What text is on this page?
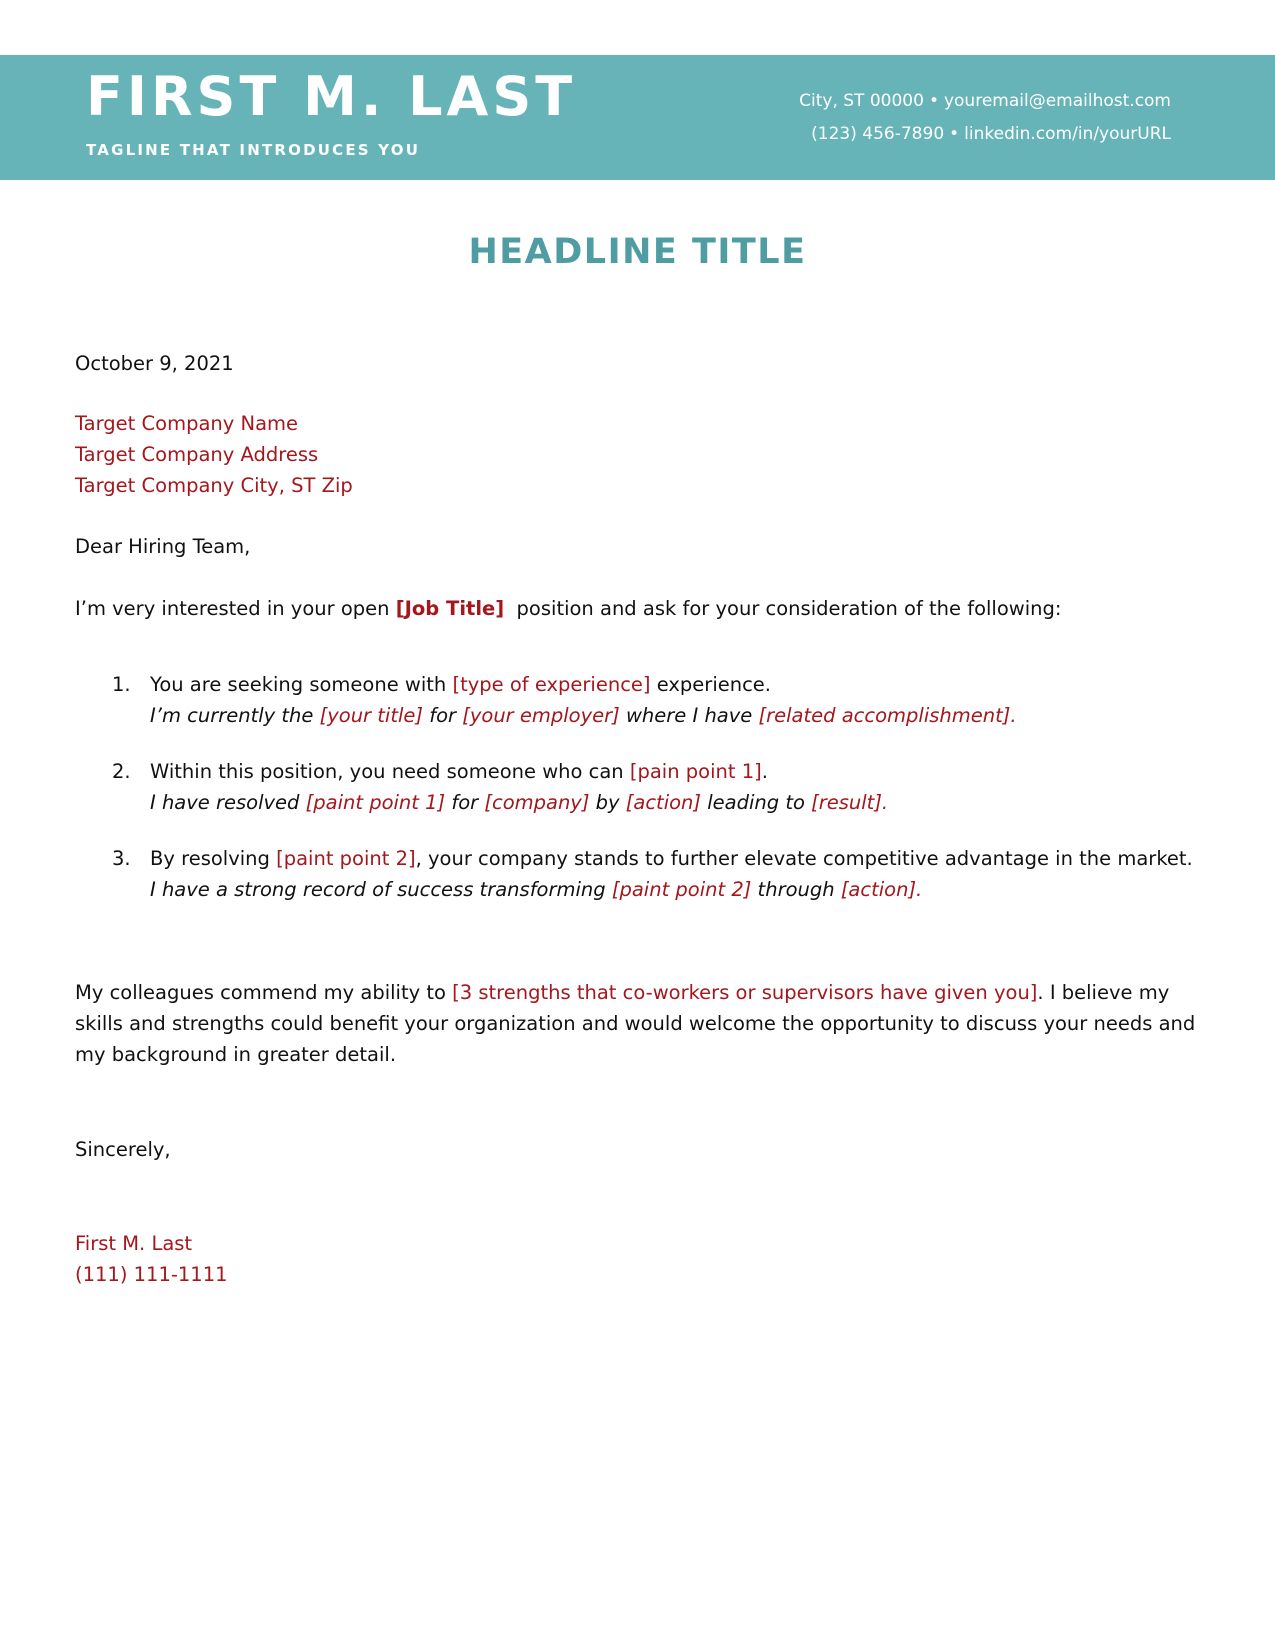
FIRST M. LAST
TAGLINE THAT INTRODUCES YOU
City, ST 00000 • youremail@emailhost.com
(123) 456-7890 • linkedin.com/in/yourURL
HEADLINE TITLE
October 9, 2021
Target Company Name
Target Company Address
Target Company City, ST Zip
Dear Hiring Team,
I’m very interested in your open [Job Title]  position and ask for your consideration of the following:
1. You are seeking someone with [type of experience] experience.
I’m currently the [your title] for [your employer] where I have [related accomplishment].
2. Within this position, you need someone who can [pain point 1].
I have resolved [paint point 1] for [company] by [action] leading to [result].
3. By resolving [paint point 2], your company stands to further elevate competitive advantage in the market.
I have a strong record of success transforming [paint point 2] through [action].
My colleagues commend my ability to [3 strengths that co-workers or supervisors have given you]. I believe my skills and strengths could benefit your organization and would welcome the opportunity to discuss your needs and my background in greater detail.
Sincerely,
First M. Last
(111) 111-1111
